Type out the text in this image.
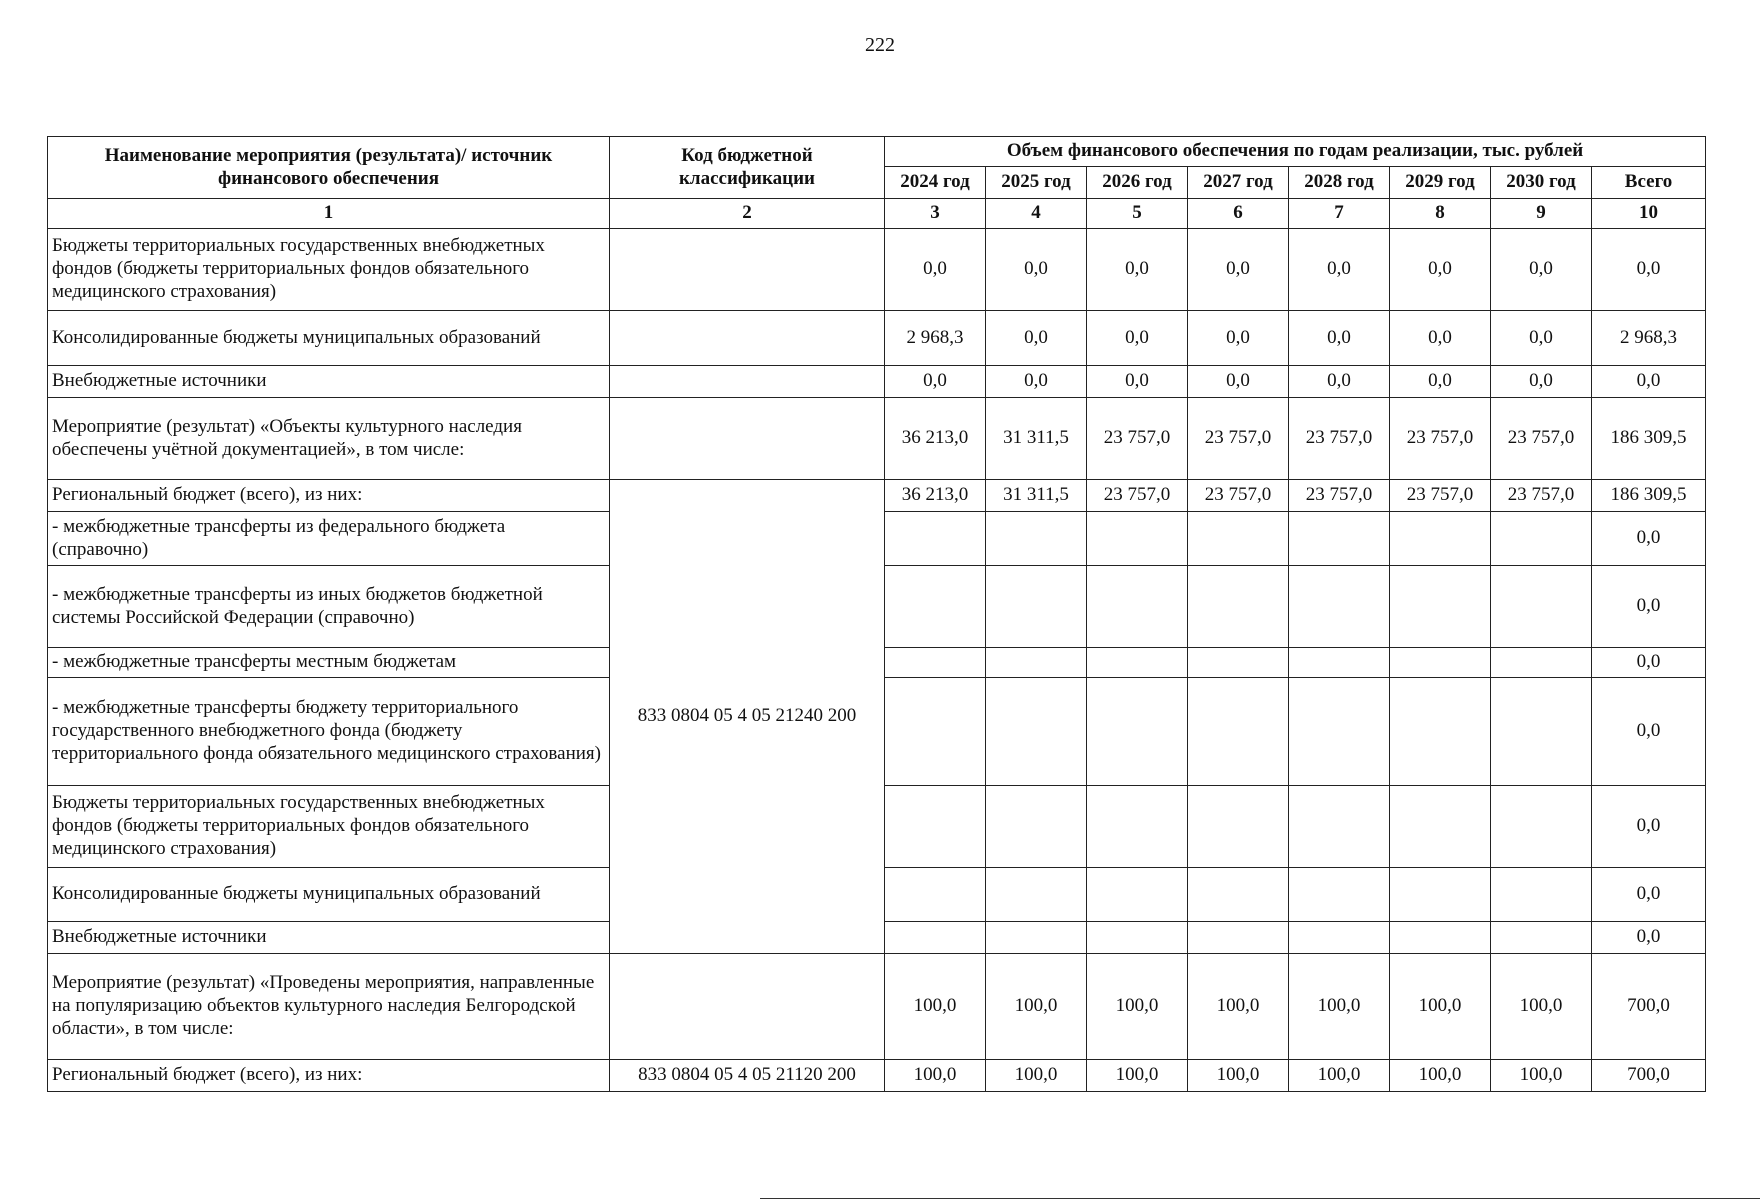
222
Наименование мероприятия (результата)/ источник финансового обеспечения	Код бюджетной классификации	Объем финансового обеспечения по годам реализации, тыс. рублей							
		2024 год	2025 год	2026 год	2027 год	2028 год	2029 год	2030 год	Всего
1	2	3	4	5	6	7	8	9	10
Бюджеты территориальных государственных внебюджетных фондов (бюджеты территориальных фондов обязательного медицинского страхования)		0,0	0,0	0,0	0,0	0,0	0,0	0,0	0,0
Консолидированные бюджеты муниципальных образований		2 968,3	0,0	0,0	0,0	0,0	0,0	0,0	2 968,3
Внебюджетные источники		0,0	0,0	0,0	0,0	0,0	0,0	0,0	0,0
Мероприятие (результат) «Объекты культурного наследия обеспечены учётной документацией», в том числе:		36 213,0	31 311,5	23 757,0	23 757,0	23 757,0	23 757,0	23 757,0	186 309,5
Региональный бюджет (всего), из них:	833 0804 05 4 05 21240 200	36 213,0	31 311,5	23 757,0	23 757,0	23 757,0	23 757,0	23 757,0	186 309,5
- межбюджетные трансферты из федерального бюджета (справочно)									0,0
- межбюджетные трансферты из иных бюджетов бюджетной системы Российской Федерации (справочно)									0,0
- межбюджетные трансферты местным бюджетам									0,0
- межбюджетные трансферты бюджету территориального государственного внебюджетного фонда (бюджету территориального фонда обязательного медицинского страхования)									0,0
Бюджеты территориальных государственных внебюджетных фондов (бюджеты территориальных фондов обязательного медицинского страхования)									0,0
Консолидированные бюджеты муниципальных образований									0,0
Внебюджетные источники									0,0
Мероприятие (результат) «Проведены мероприятия, направленные на популяризацию объектов культурного наследия Белгородской области», в том числе:		100,0	100,0	100,0	100,0	100,0	100,0	100,0	700,0
Региональный бюджет (всего), из них:	833 0804 05 4 05 21120 200	100,0	100,0	100,0	100,0	100,0	100,0	100,0	700,0
